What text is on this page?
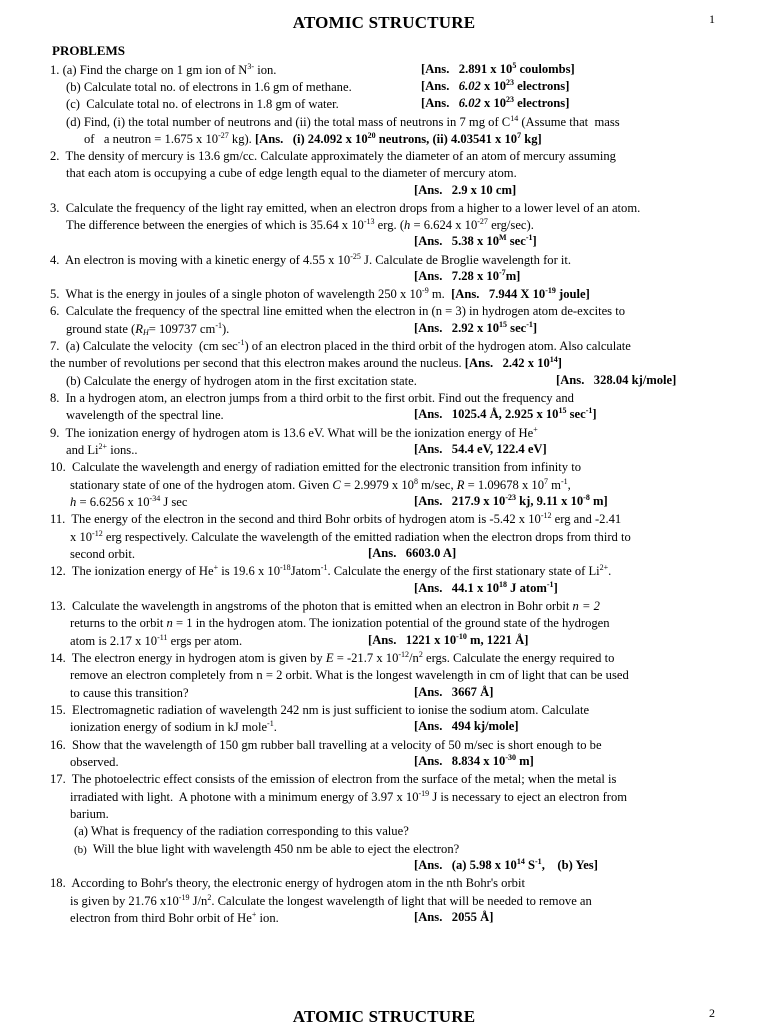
ATOMIC STRUCTURE	1
PROBLEMS
1. (a) Find the charge on 1 gm ion of $N^{3-}$ ion.	[Ans.   2.891 x $10^5$ coulombs]
(b) Calculate total no. of electrons in 1.6 gm of methane.	[Ans.   6.02 x $10^{23}$ electrons]
(c)  Calculate total no. of electrons in 1.8 gm of water.	[Ans.   6.02 x $10^{23}$ electrons]
(d) Find, (i) the total number of neutrons and (ii) the total mass of neutrons in 7 mg of $C^{14}$ (Assume that  mass
of   a neutron = 1.675 x $10^{-27}$ kg). [Ans.   (i) 24.092 x $10^{20}$ neutrons, (ii) 4.03541 x $10^7$ kg]
2.  The density of mercury is 13.6 gm/cc. Calculate approximately the diameter of an atom of mercury assuming
that each atom is occupying a cube of edge length equal to the diameter of mercury atom.
[Ans.   2.9 x 10 cm]
3.  Calculate the frequency of the light ray emitted, when an electron drops from a higher to a lower level of an atom.
The difference between the energies of which is 35.64 x $10^{-13}$ erg. (h = 6.624 x $10^{-27}$ erg/sec).
[Ans.   5.38 x $10^M$ $\sec^{-1}$]
4.  An electron is moving with a kinetic energy of 4.55 x $10^{-25}$ J. Calculate de Broglie wavelength for it.
[Ans.   7.28 x $10^{-7}m$]
5.  What is the energy in joules of a single photon of wavelength 250 x $10^{-9}$ m.  [Ans.   7.944 X $10^{-19}$ joule]
6.  Calculate the frequency of the spectral line emitted when the electron in (n = 3) in hydrogen atom de-excites to
ground state ($R_H= 109737$ $cm^{-1}$).	[Ans.   2.92 x $10^{15}$ $\sec^{-1}$]
7.  (a) Calculate the velocity  (cm $\sec^{-1}$) of an electron placed in the third orbit of the hydrogen atom. Also calculate
the number of revolutions per second that this electron makes around the nucleus. [Ans.   2.42 x $10^{14}$]
(b) Calculate the energy of hydrogen atom in the first excitation state.	[Ans.   328.04 kj/mole]
8.  In a hydrogen atom, an electron jumps from a third orbit to the first orbit. Find out the frequency and
wavelength of the spectral line.	[Ans.   1025.4 Å, 2.925 x $10^{15}$ $\sec^{-1}$]
9.  The ionization energy of hydrogen atom is 13.6 eV. What will be the ionization energy of He+
and $Li^{2+}$ ions..	[Ans.   54.4 eV, 122.4 eV]
10.  Calculate the wavelength and energy of radiation emitted for the electronic transition from infinity to
stationary state of one of the hydrogen atom. Given C = 2.9979 x $10^8$ m/sec, R = 1.09678 x $10^7$ $m^{-1}$,
h = 6.6256 x $10^{-34}$ J sec	[Ans.   217.9 x $10^{-23}$ kj, 9.11 x $10^{-8}$ m]
11.  The energy of the electron in the second and third Bohr orbits of hydrogen atom is -5.42 x $10^{-12}$ erg and -2.41
x $10^{-12}$ erg respectively. Calculate the wavelength of the emitted radiation when the electron drops from third to
second orbit.	[Ans.   6603.0 A]
12.  The ionization energy of He+ is 19.6 x $10^{-18}Jatom^{-1}$. Calculate the energy of the first stationary state of $Li^{2+}$.
[Ans.   44.1 x $10^{18}$ J atom$^{-1}$]
13.  Calculate the wavelength in angstroms of the photon that is emitted when an electron in Bohr orbit n = 2
returns to the orbit n = 1 in the hydrogen atom. The ionization potential of the ground state of the hydrogen
atom is 2.17 x $10^{-11}$ ergs per atom.	[Ans.   1221 x $10^{-10}$ m, 1221 Å]
14.  The electron energy in hydrogen atom is given by E = -21.7 x $10^{-12}/n^2$ ergs. Calculate the energy required to
remove an electron completely from n = 2 orbit. What is the longest wavelength in cm of light that can be used
to cause this transition?	[Ans.   3667 Å]
15.  Electromagnetic radiation of wavelength 242 nm is just sufficient to ionise the sodium atom. Calculate
ionization energy of sodium in kJ mole$^{-1}$.	[Ans.   494 kj/mole]
16.  Show that the wavelength of 150 gm rubber ball travelling at a velocity of 50 m/sec is short enough to be
observed.	[Ans.   8.834 x $10^{-30}$ m]
17.  The photoelectric effect consists of the emission of electron from the surface of the metal; when the metal is
irradiated with light.  A photone with a minimum energy of 3.97 x $10^{-19}$ J is necessary to eject an electron from
barium.
(a) What is frequency of the radiation corresponding to this value?
(b)  Will the blue light with wavelength 450 nm be able to eject the electron?
[Ans.   (a) 5.98 x $10^{14}$ $S^{-1}$,    (b) Yes]
18.  According to Bohr's theory, the electronic energy of hydrogen atom in the nth Bohr's orbit
is given by 21.76 $x10^{-19}$ $J/n^2$. Calculate the longest wavelength of light that will be needed to remove an
electron from third Bohr orbit of He+ ion.	[Ans.   2055 Å]
ATOMIC STRUCTURE	2
